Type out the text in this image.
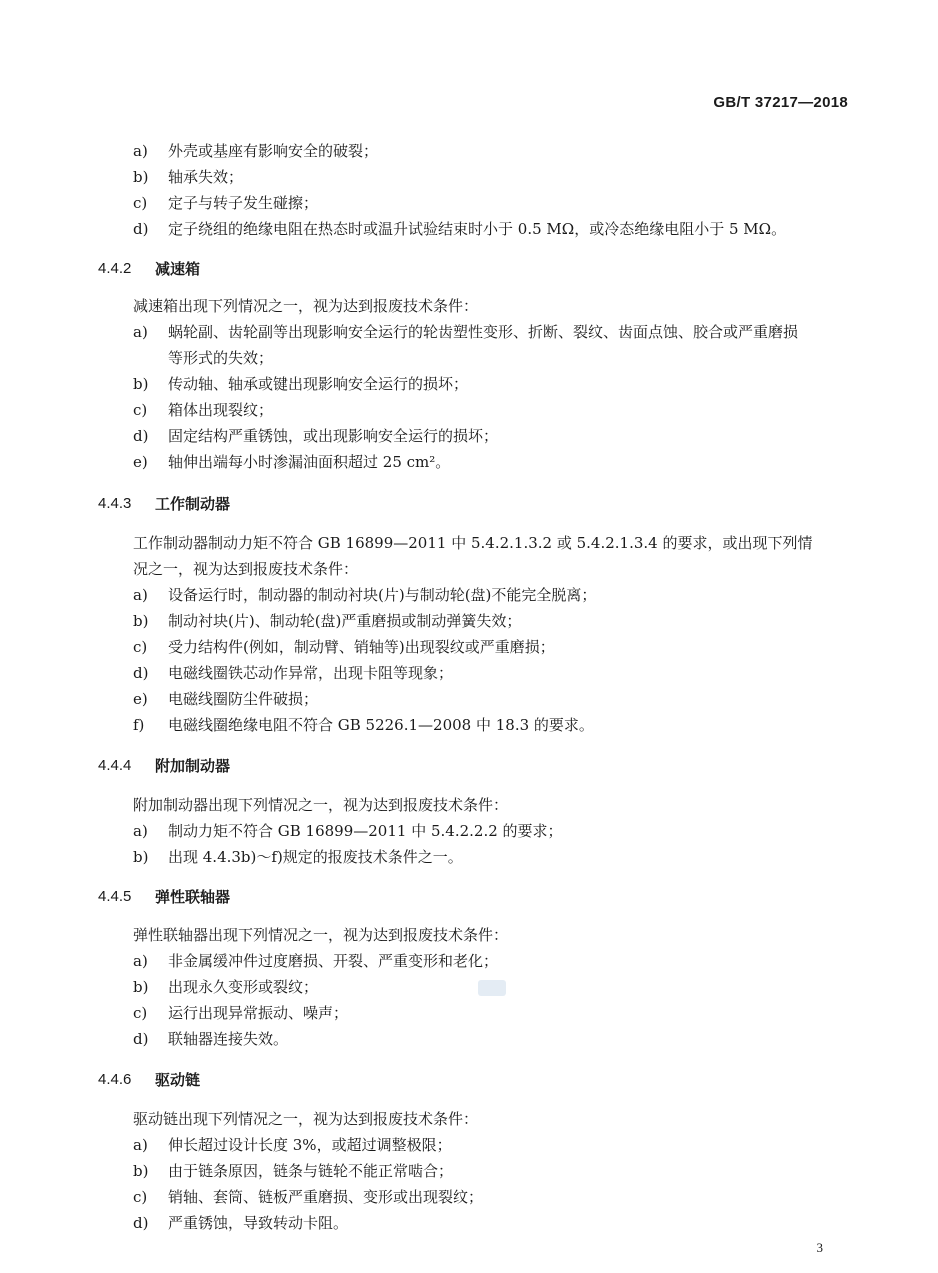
GB/T 37217—2018
a) 外壳或基座有影响安全的破裂；
b) 轴承失效；
c) 定子与转子发生碰擦；
d) 定子绕组的绝缘电阻在热态时或温升试验结束时小于 0.5 MΩ，或冷态绝缘电阻小于 5 MΩ。
4.4.2 减速箱
减速箱出现下列情况之一，视为达到报废技术条件：
a) 蜗轮副、齿轮副等出现影响安全运行的轮齿塑性变形、折断、裂纹、齿面点蚀、胶合或严重磨损
等形式的失效；
b) 传动轴、轴承或键出现影响安全运行的损坏；
c) 箱体出现裂纹；
d) 固定结构严重锈蚀，或出现影响安全运行的损坏；
e) 轴伸出端每小时渗漏油面积超过 25 cm²。
4.4.3 工作制动器
工作制动器制动力矩不符合 GB 16899—2011 中 5.4.2.1.3.2 或 5.4.2.1.3.4 的要求，或出现下列情
况之一，视为达到报废技术条件：
a) 设备运行时，制动器的制动衬块(片)与制动轮(盘)不能完全脱离；
b) 制动衬块(片)、制动轮(盘)严重磨损或制动弹簧失效；
c) 受力结构件(例如，制动臂、销轴等)出现裂纹或严重磨损；
d) 电磁线圈铁芯动作异常，出现卡阻等现象；
e) 电磁线圈防尘件破损；
f) 电磁线圈绝缘电阻不符合 GB 5226.1—2008 中 18.3 的要求。
4.4.4 附加制动器
附加制动器出现下列情况之一，视为达到报废技术条件：
a) 制动力矩不符合 GB 16899—2011 中 5.4.2.2.2 的要求；
b) 出现 4.4.3b)～f)规定的报废技术条件之一。
4.4.5 弹性联轴器
弹性联轴器出现下列情况之一，视为达到报废技术条件：
a) 非金属缓冲件过度磨损、开裂、严重变形和老化；
b) 出现永久变形或裂纹；
c) 运行出现异常振动、噪声；
d) 联轴器连接失效。
4.4.6 驱动链
驱动链出现下列情况之一，视为达到报废技术条件：
a) 伸长超过设计长度 3%，或超过调整极限；
b) 由于链条原因，链条与链轮不能正常啮合；
c) 销轴、套筒、链板严重磨损、变形或出现裂纹；
d) 严重锈蚀，导致转动卡阻。
3
